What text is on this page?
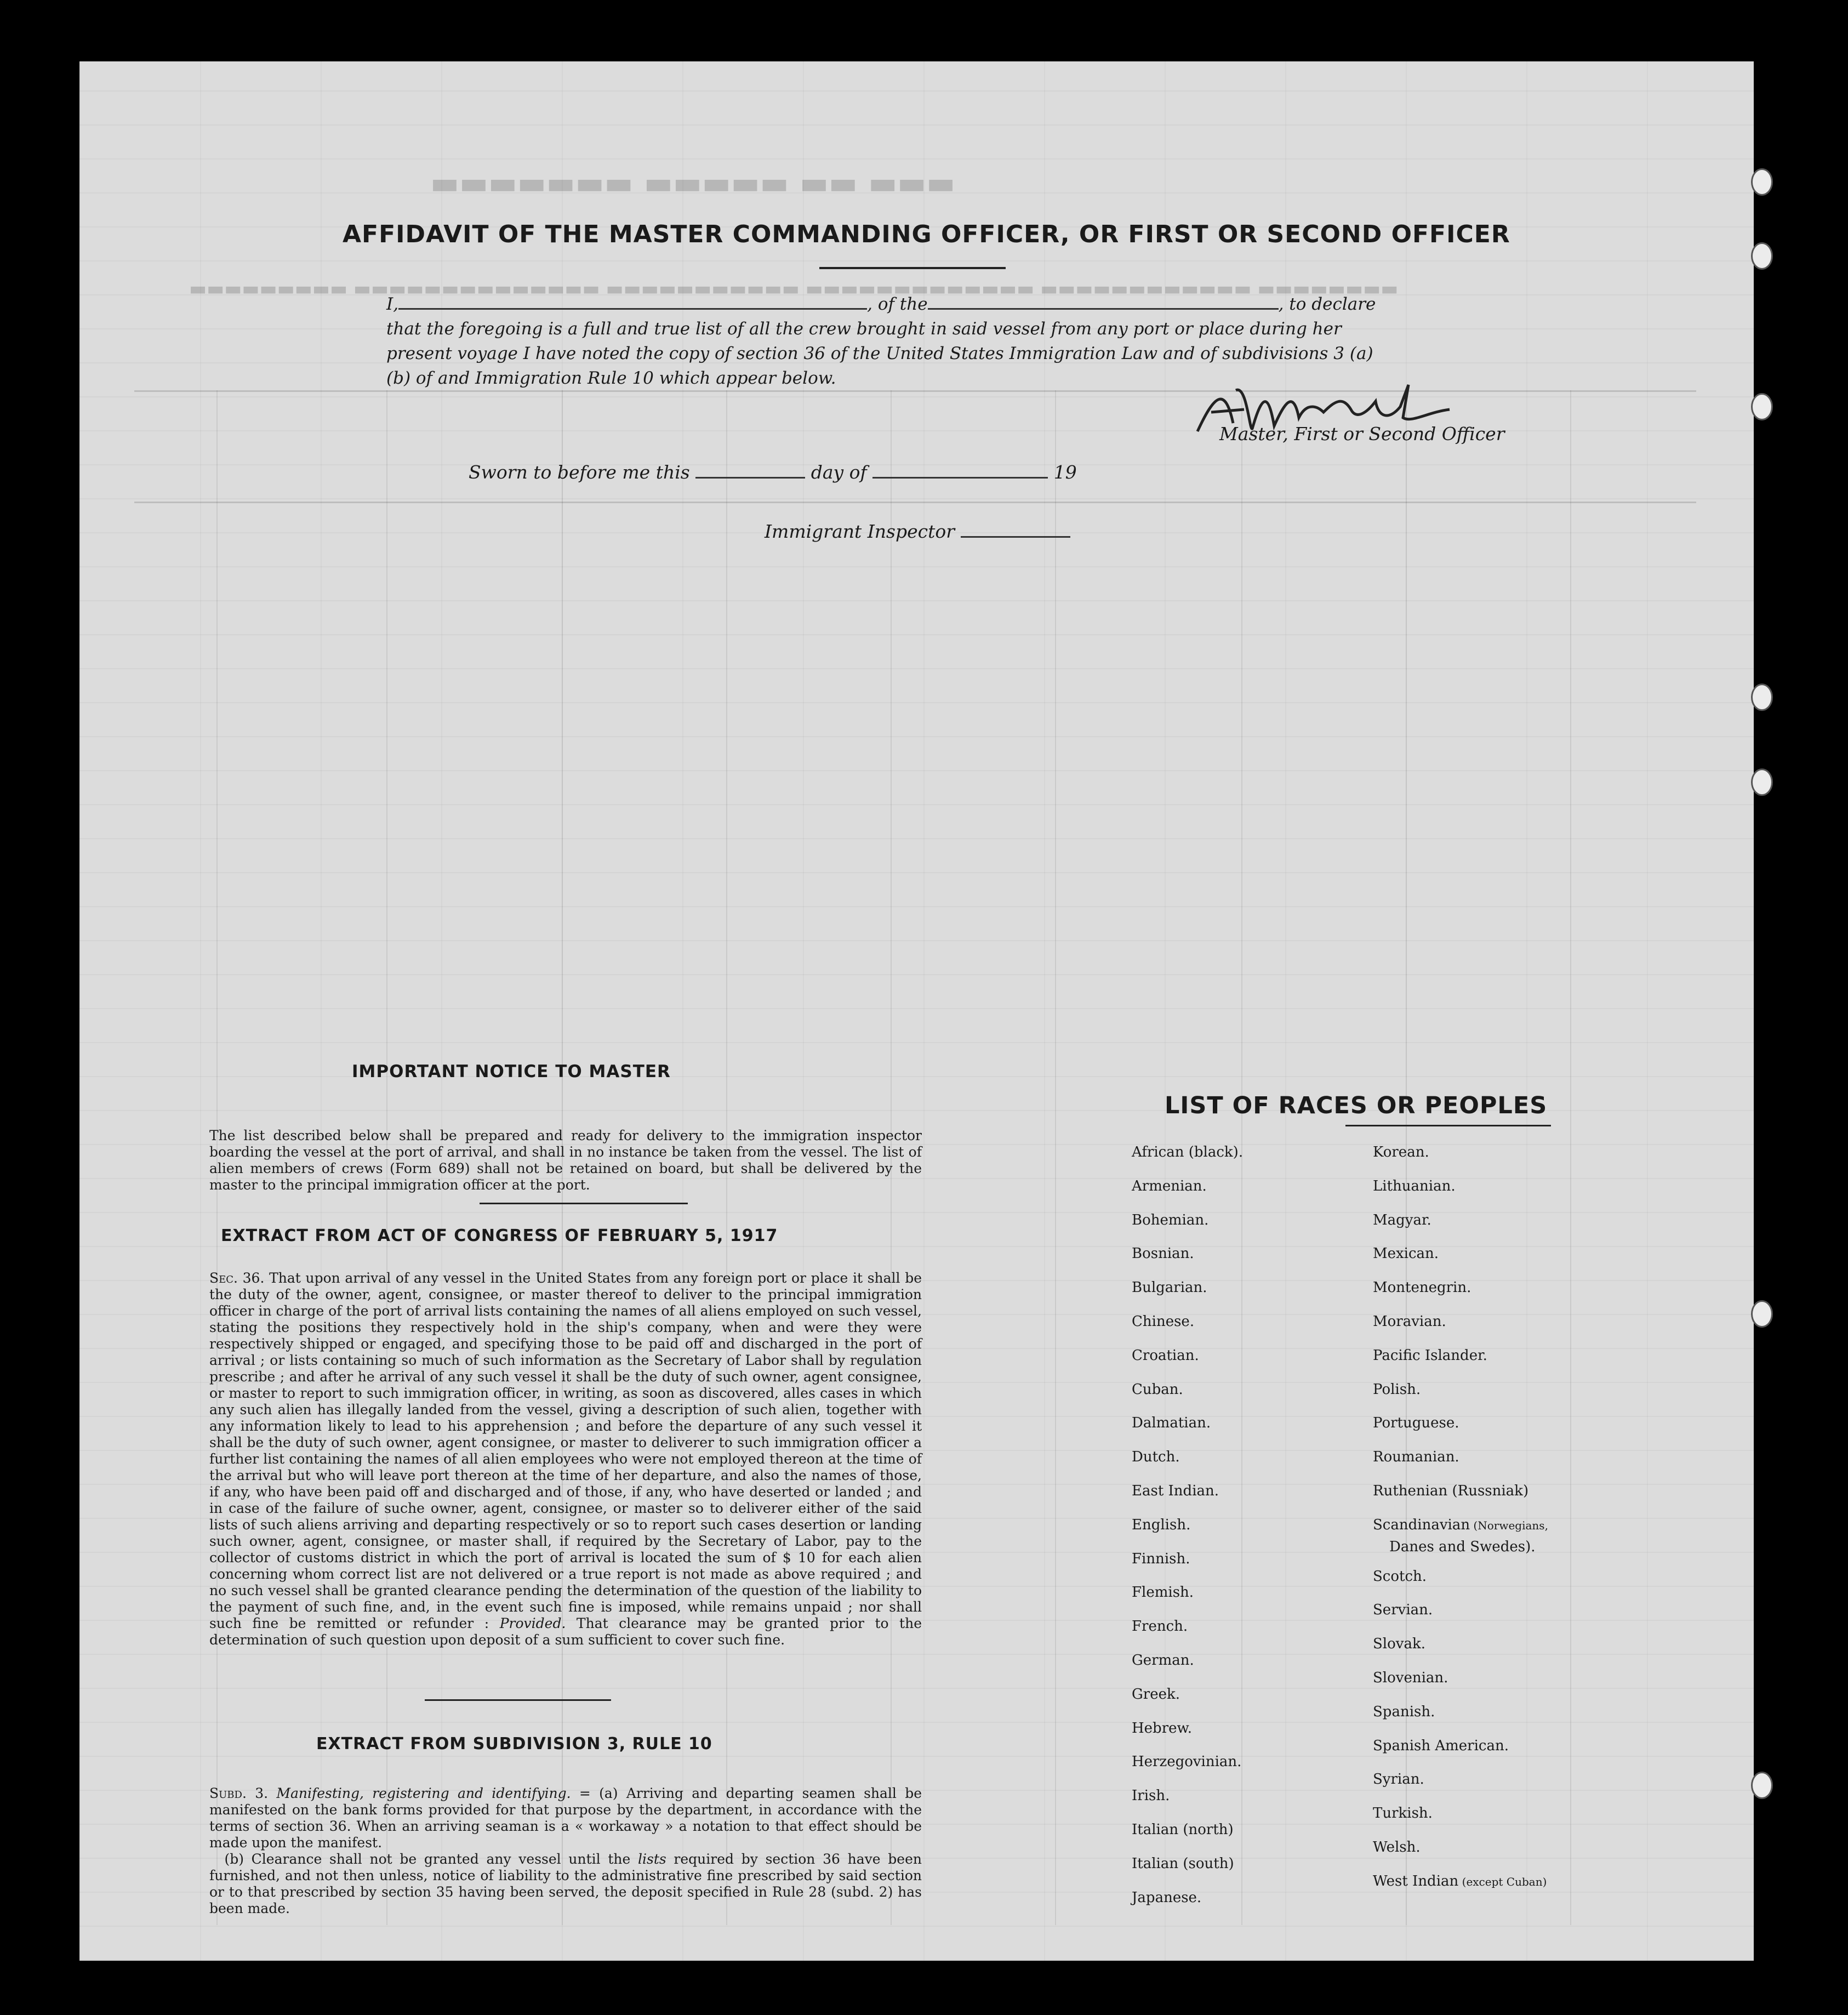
▬▬▬ ▬▬ ▬▬▬▬▬ ▬▬▬▬▬▬▬
▬▬▬▬▬▬▬▬ ▬▬▬▬▬▬▬▬▬▬▬▬ ▬▬▬▬▬▬▬▬▬▬▬▬▬ ▬▬▬▬▬▬▬▬▬▬▬ ▬▬▬▬▬▬▬▬▬▬▬▬▬▬ ▬▬▬▬▬▬▬▬▬
AFFIDAVIT OF THE MASTER COMMANDING OFFICER, OR FIRST OR SECOND OFFICER
I,	, of the	, to declare
that the foregoing is a full and true list of all the crew brought in said vessel from any port or place during her
present voyage I have noted the copy of section 36 of the United States Immigration Law and of subdivisions 3 (a)
(b) of and Immigration Rule 10 which appear below.
Master, First or Second Officer
Sworn to before me this	day of	19
Immigrant Inspector
IMPORTANT NOTICE TO MASTER
The list described below shall be prepared and ready for delivery to the immigration inspector boarding the vessel at the port of arrival, and shall in no instance be taken from the vessel. The list of alien members of crews (Form 689) shall not be retained on board, but shall be delivered by the master to the principal immigration officer at the port.
EXTRACT FROM ACT OF CONGRESS OF FEBRUARY 5, 1917
Sec. 36. That upon arrival of any vessel in the United States from any foreign port or place it shall be the duty of the owner, agent, consignee, or master thereof to deliver to the principal immigration officer in charge of the port of arrival lists containing the names of all aliens employed on such vessel, stating the positions they respectively hold in the ship's company, when and were they were respectively shipped or engaged, and specifying those to be paid off and discharged in the port of arrival ; or lists containing so much of such information as the Secretary of Labor shall by regulation prescribe ; and after he arrival of any such vessel it shall be the duty of such owner, agent consignee, or master to report to such immigration officer, in writing, as soon as discovered, alles cases in which any such alien has illegally landed from the vessel, giving a description of such alien, together with any information likely to lead to his apprehension ; and before the departure of any such vessel it shall be the duty of such owner, agent consignee, or master to deliverer to such immigration officer a further list containing the names of all alien employees who were not employed thereon at the time of the arrival but who will leave port thereon at the time of her departure, and also the names of those, if any, who have been paid off and discharged and of those, if any, who have deserted or landed ; and in case of the failure of suche owner, agent, consignee, or master so to deliverer either of the said lists of such aliens arriving and departing respectively or so to report such cases desertion or landing such owner, agent, consignee, or master shall, if required by the Secretary of Labor, pay to the collector of customs district in which the port of arrival is located the sum of $ 10 for each alien concerning whom correct list are not delivered or a true report is not made as above required ; and no such vessel shall be granted clearance pending the determination of the question of the liability to the payment of such fine, and, in the event such fine is imposed, while remains unpaid ; nor shall such fine be remitted or refunder : Provided. That clearance may be granted prior to the determination of such question upon deposit of a sum sufficient to cover such fine.
EXTRACT FROM SUBDIVISION 3, RULE 10
Subd. 3. Manifesting, registering and identifying. = (a) Arriving and departing seamen shall be manifested on the bank forms provided for that purpose by the department, in accordance with the terms of section 36. When an arriving seaman is a « workaway » a notation to that effect should be made upon the manifest.
(b) Clearance shall not be granted any vessel until the lists required by section 36 have been furnished, and not then unless, notice of liability to the administrative fine prescribed by said section or to that prescribed by section 35 having been served, the deposit specified in Rule 28 (subd. 2) has been made.
LIST OF RACES OR PEOPLES
Danes and Swedes).
African (black).
Armenian.
Bohemian.
Bosnian.
Bulgarian.
Chinese.
Croatian.
Cuban.
Dalmatian.
Dutch.
East Indian.
English.
Finnish.
Flemish.
French.
German.
Greek.
Hebrew.
Herzegovinian.
Irish.
Italian (north)
Italian (south)
Japanese.
Korean.
Lithuanian.
Magyar.
Mexican.
Montenegrin.
Moravian.
Pacific Islander.
Polish.
Portuguese.
Roumanian.
Ruthenian (Russniak)
Scandinavian (Norwegians,
Scotch.
Servian.
Slovak.
Slovenian.
Spanish.
Spanish American.
Syrian.
Turkish.
Welsh.
West Indian (except Cuban)
